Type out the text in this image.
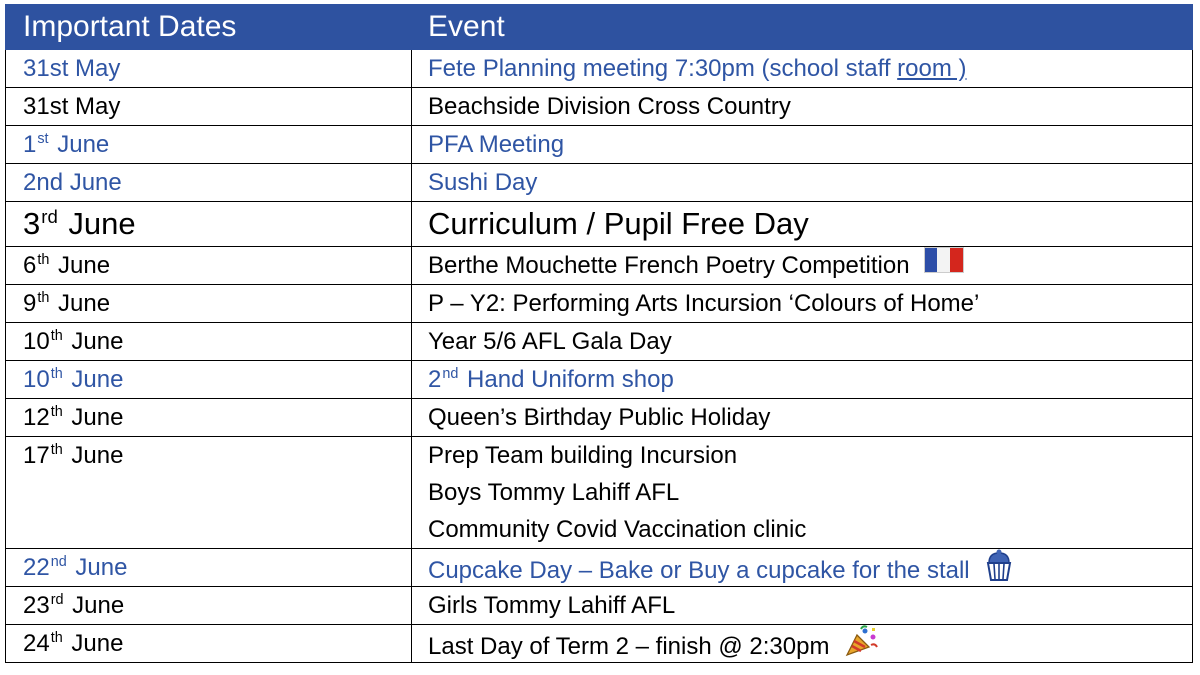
Important Dates	Event
31st May	Fete Planning meeting 7:30pm (school staff room )

31st May	Beachside Division Cross Country

1st June	PFA Meeting

2nd June	Sushi Day

3rd June	Curriculum / Pupil Free Day

6th June	Berthe Mouchette French Poetry Competition

9th June	P – Y2: Performing Arts Incursion ‘Colours of Home’

10th June	Year 5/6 AFL Gala Day

10th June	2nd Hand Uniform shop

12th June	Queen’s Birthday Public Holiday

17th June	Prep Team building Incursion
Boys Tommy Lahiff AFL
Community Covid Vaccination clinic

22nd June	Cupcake Day – Bake or Buy a cupcake for the stall

23rd June	Girls Tommy Lahiff AFL

24th June	Last Day of Term 2 – finish @ 2:30pm
